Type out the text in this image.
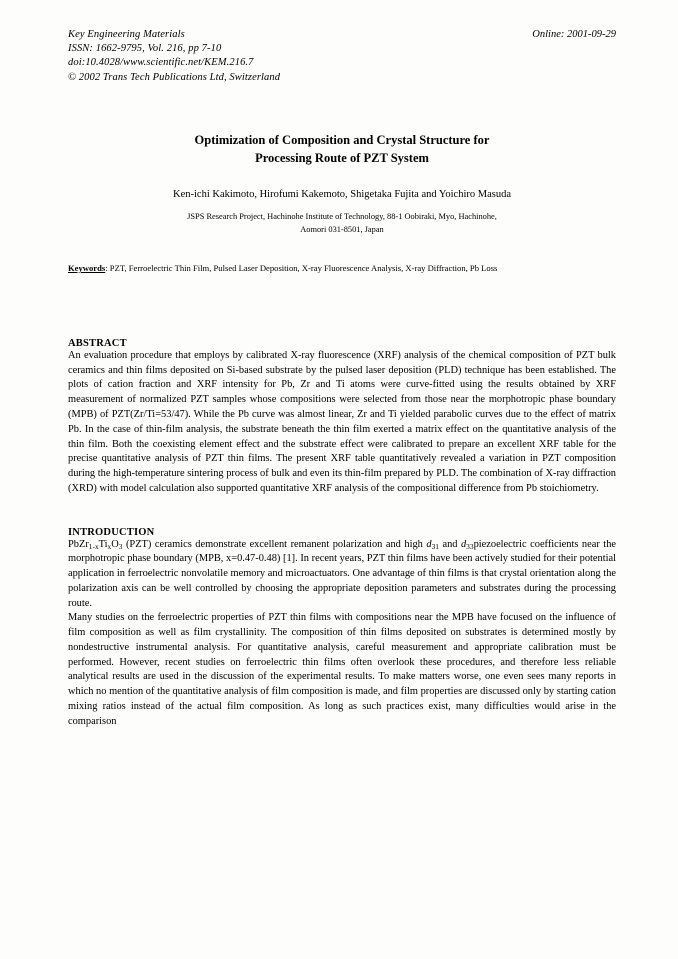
Key Engineering Materials
ISSN: 1662-9795, Vol. 216, pp 7-10
doi:10.4028/www.scientific.net/KEM.216.7
© 2002 Trans Tech Publications Ltd, Switzerland
Online: 2001-09-29
Optimization of Composition and Crystal Structure for
Processing Route of PZT System
Ken-ichi Kakimoto, Hirofumi Kakemoto, Shigetaka Fujita and Yoichiro Masuda
JSPS Research Project, Hachinohe Institute of Technology, 88-1 Oobiraki, Myo, Hachinohe,
Aomori 031-8501, Japan
Keywords: PZT, Ferroelectric Thin Film, Pulsed Laser Deposition, X-ray Fluorescence Analysis, X-ray Diffraction, Pb Loss
ABSTRACT

An evaluation procedure that employs by calibrated X-ray fluorescence (XRF) analysis of the chemical composition of PZT bulk ceramics and thin films deposited on Si-based substrate by the pulsed laser deposition (PLD) technique has been established. The plots of cation fraction and XRF intensity for Pb, Zr and Ti atoms were curve-fitted using the results obtained by XRF measurement of normalized PZT samples whose compositions were selected from those near the morphotropic phase boundary (MPB) of PZT(Zr/Ti=53/47). While the Pb curve was almost linear, Zr and Ti yielded parabolic curves due to the effect of matrix Pb. In the case of thin-film analysis, the substrate beneath the thin film exerted a matrix effect on the quantitative analysis of the thin film. Both the coexisting element effect and the substrate effect were calibrated to prepare an excellent XRF table for the precise quantitative analysis of PZT thin films. The present XRF table quantitatively revealed a variation in PZT composition during the high-temperature sintering process of bulk and even its thin-film prepared by PLD. The combination of X-ray diffraction (XRD) with model calculation also supported quantitative XRF analysis of the compositional difference from Pb stoichiometry.

INTRODUCTION

$PbZr_{1-x}Ti_xO_3$ (PZT) ceramics demonstrate excellent remanent polarization and high $d_{31}$ and $d_{33}piezoelectric$ coefficients near the morphotropic phase boundary (MPB, x=0.47-0.48) [1]. In recent years, PZT thin films have been actively studied for their potential application in ferroelectric nonvolatile memory and microactuators. One advantage of thin films is that crystal orientation along the polarization axis can be well controlled by choosing the appropriate deposition parameters and substrates during the processing route.

Many studies on the ferroelectric properties of PZT thin films with compositions near the MPB have focused on the influence of film composition as well as film crystallinity. The composition of thin films deposited on substrates is determined mostly by nondestructive instrumental analysis. For quantitative analysis, careful measurement and appropriate calibration must be performed. However, recent studies on ferroelectric thin films often overlook these procedures, and therefore less reliable analytical results are used in the discussion of the experimental results. To make matters worse, one even sees many reports in which no mention of the quantitative analysis of film composition is made, and film properties are discussed only by starting cation mixing ratios instead of the actual film composition. As long as such practices exist, many difficulties would arise in the comparison
